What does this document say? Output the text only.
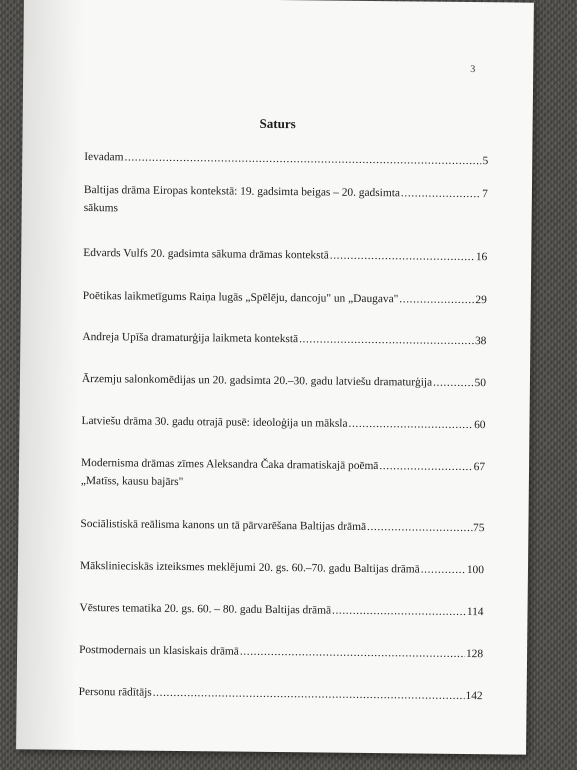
3
Saturs
Ievadam .....	5
Baltijas drāma Eiropas kontekstā: 19. gadsimta beigas – 20. gadsimta .....	7
sākums
Edvards Vulfs 20. gadsimta sākuma drāmas kontekstā .....	16
Poētikas laikmetīgums Raiņa lugās „Spēlēju, dancoju" un „Daugava" .....	29
Andreja Upīša dramaturģija laikmeta kontekstā .....	38
Ārzemju salonkomēdijas un 20. gadsimta 20.–30. gadu latviešu dramaturģija .....	50
Latviešu drāma 30. gadu otrajā pusē: ideoloģija un māksla .....	60
Modernisma drāmas zīmes Aleksandra Čaka dramatiskajā poēmā .....	67
„Matīss, kausu bajārs"
Sociālistiskā reālisma kanons un tā pārvarēšana Baltijas drāmā .....	75
Mākslinieciskās izteiksmes meklējumi 20. gs. 60.–70. gadu Baltijas drāmā .....	100
Vēstures tematika 20. gs. 60. – 80. gadu Baltijas drāmā .....	114
Postmodernais un klasiskais drāmā .....	128
Personu rādītājs .....	142
